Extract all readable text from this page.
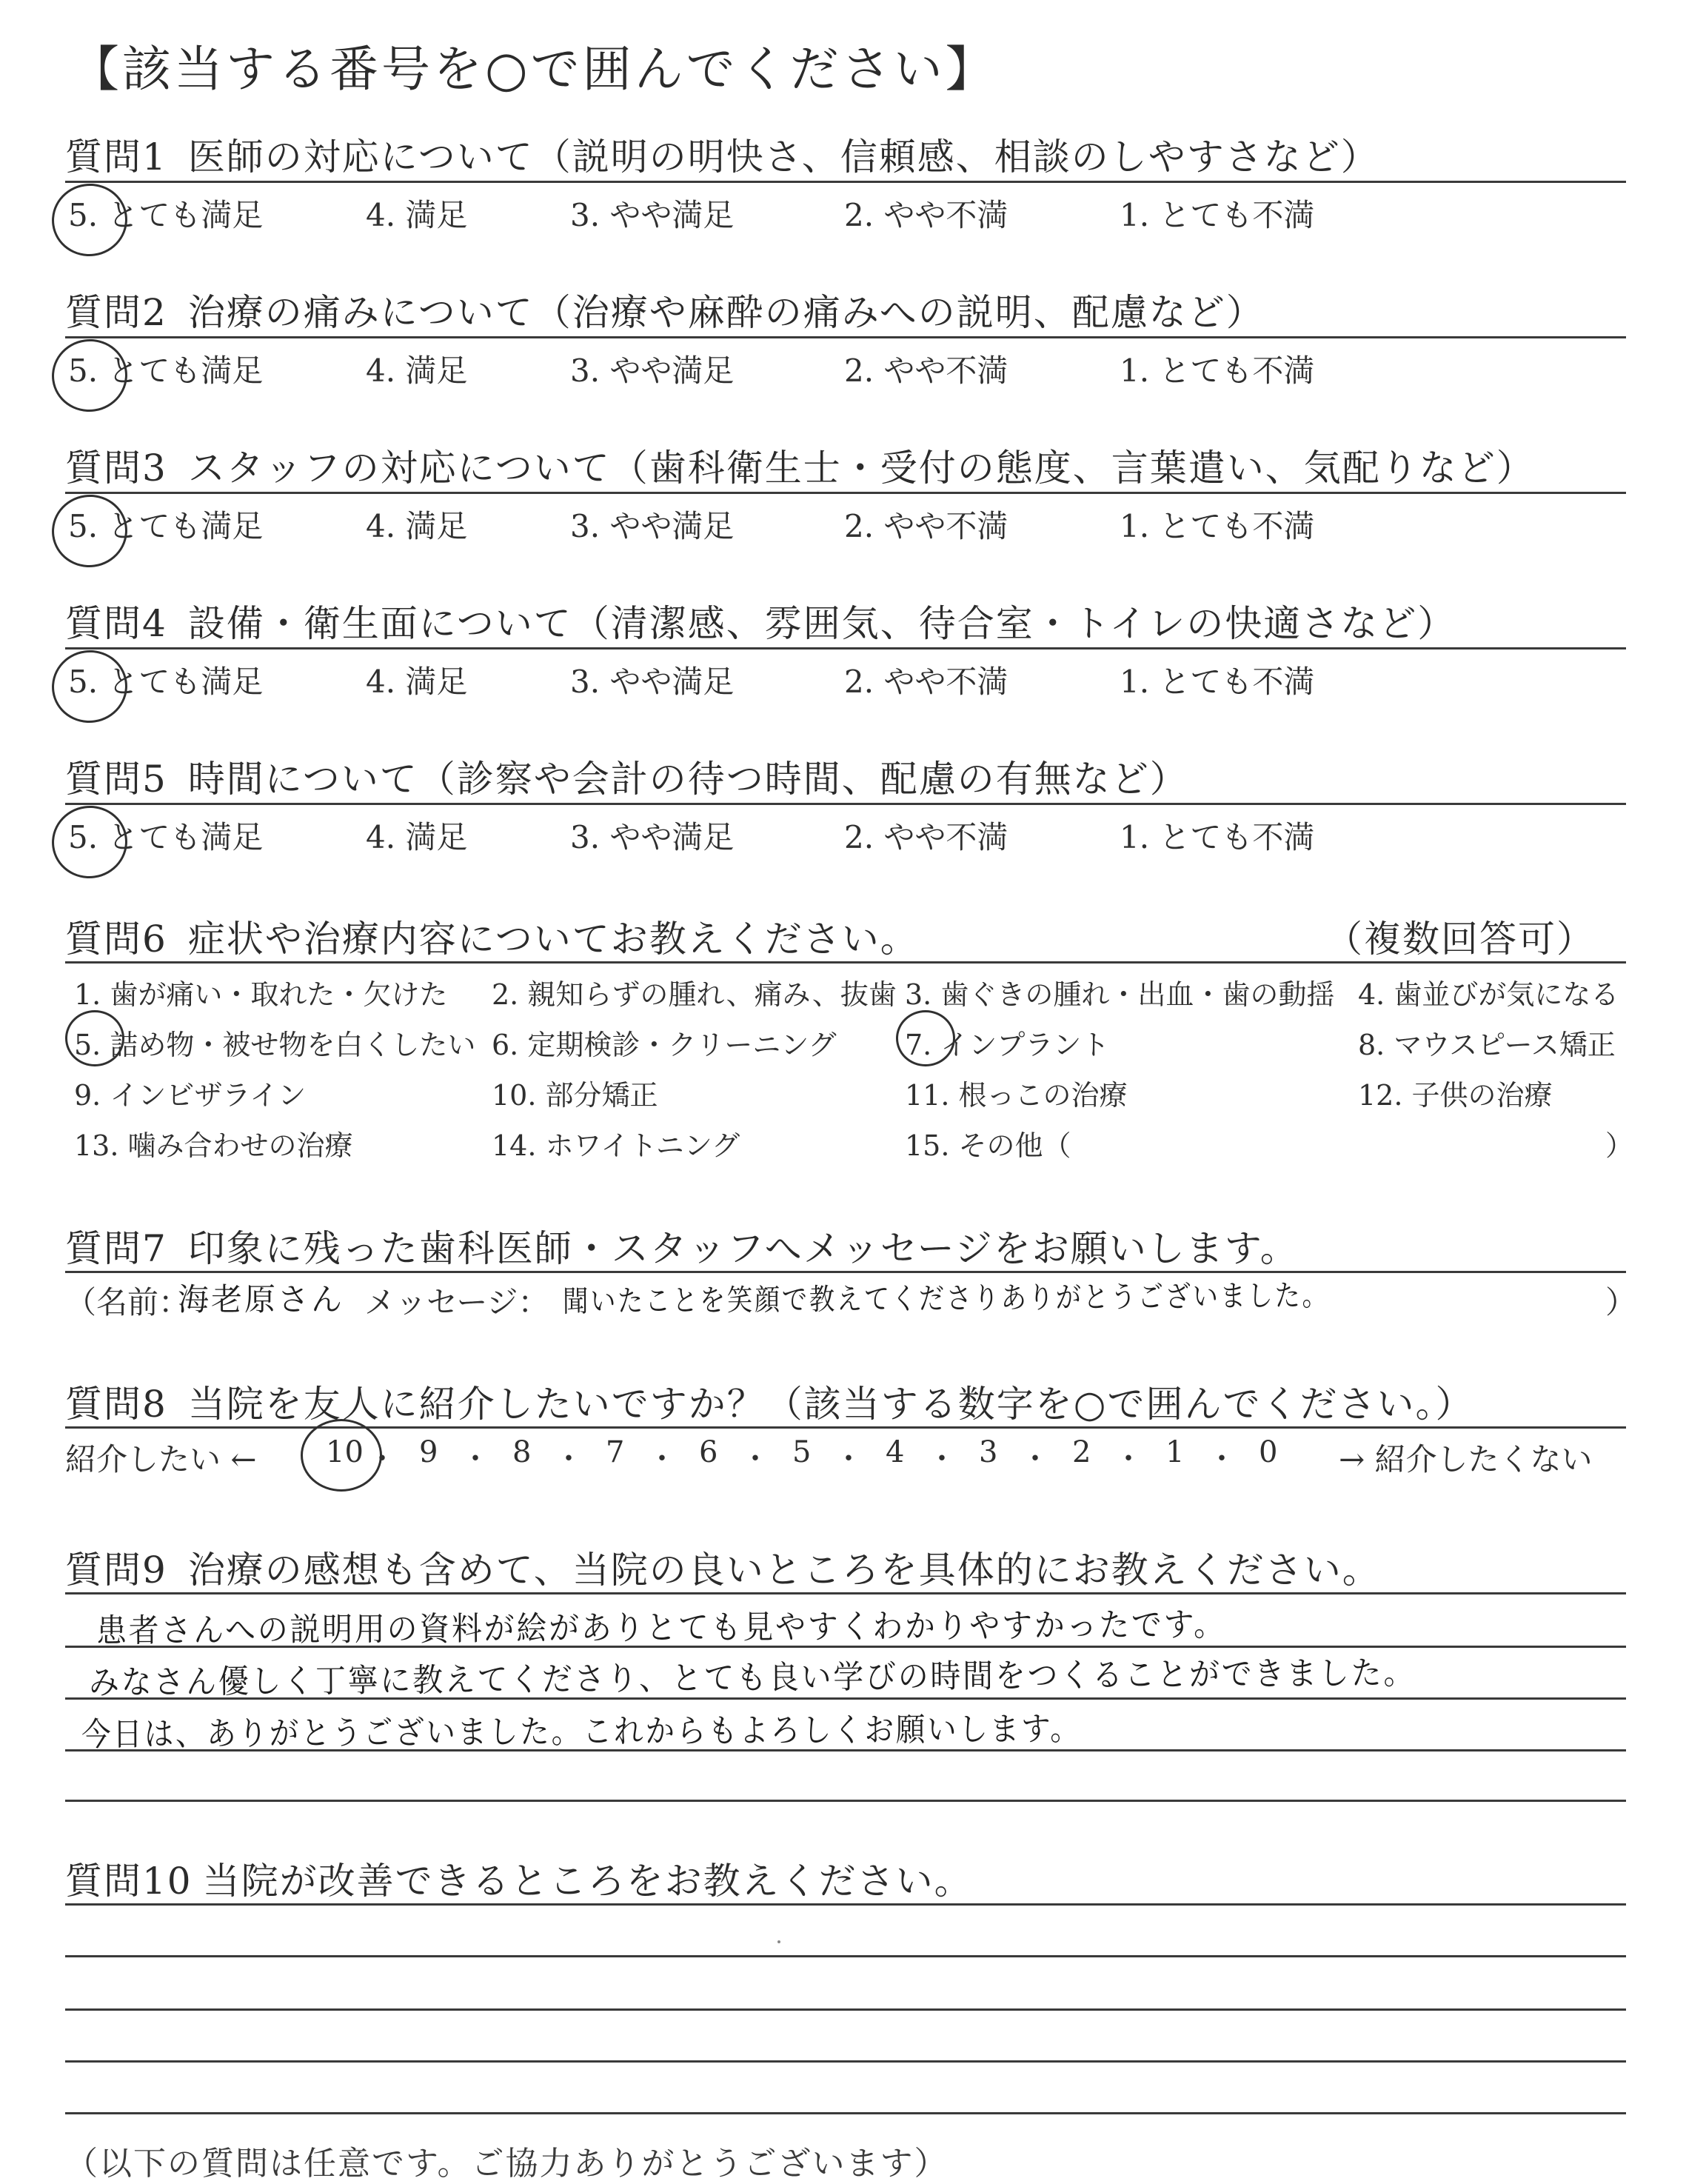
【該当する番号を○で囲んでください】
質問1 医師の対応について（説明の明快さ、信頼感、相談のしやすさなど）
5. とても満足	4. 満足	3. やや満足	2. やや不満	1. とても不満
質問2 治療の痛みについて（治療や麻酔の痛みへの説明、配慮など）
5. とても満足	4. 満足	3. やや満足	2. やや不満	1. とても不満
質問3 スタッフの対応について（歯科衛生士・受付の態度、言葉遣い、気配りなど）
5. とても満足	4. 満足	3. やや満足	2. やや不満	1. とても不満
質問4 設備・衛生面について（清潔感、雰囲気、待合室・トイレの快適さなど）
5. とても満足	4. 満足	3. やや満足	2. やや不満	1. とても不満
質問5 時間について（診察や会計の待つ時間、配慮の有無など）
5. とても満足	4. 満足	3. やや満足	2. やや不満	1. とても不満
質問6 症状や治療内容についてお教えください。	（複数回答可）
1. 歯が痛い・取れた・欠けた 2. 親知らずの腫れ、痛み、抜歯 3. 歯ぐきの腫れ・出血・歯の動揺 4. 歯並びが気になる
5. 詰め物・被せ物を白くしたい 6. 定期検診・クリーニング 7. インプラント	8. マウスピース矯正
9. インビザライン	10. 部分矯正	11. 根っこの治療	12. 子供の治療
13. 噛み合わせの治療	14. ホワイトニング	15. その他（	）
質問7 印象に残った歯科医師・スタッフへメッセージをお願いします。
（名前：
海老原さん メッセージ： 聞いたことを笑顔で教えてくださりありがとうございました。	）
質問8 当院を友人に紹介したいですか？（該当する数字を○で囲んでください。）
紹介したい ← 10 ・ 9 ・ 8 ・ 7 ・ 6 ・ 5 ・ 4 ・ 3 ・ 2 ・ 1 ・ 0 → 紹介したくない
質問9 治療の感想も含めて、当院の良いところを具体的にお教えください。
患者さんへの説明用の資料が絵がありとても見やすくわかりやすかったです。
みなさん優しく丁寧に教えてくださり、とても良い学びの時間をつくることができました。
今日は、ありがとうございました。これからもよろしくお願いします。
質問10 当院が改善できるところをお教えください。
（以下の質問は任意です。ご協力ありがとうございます）
